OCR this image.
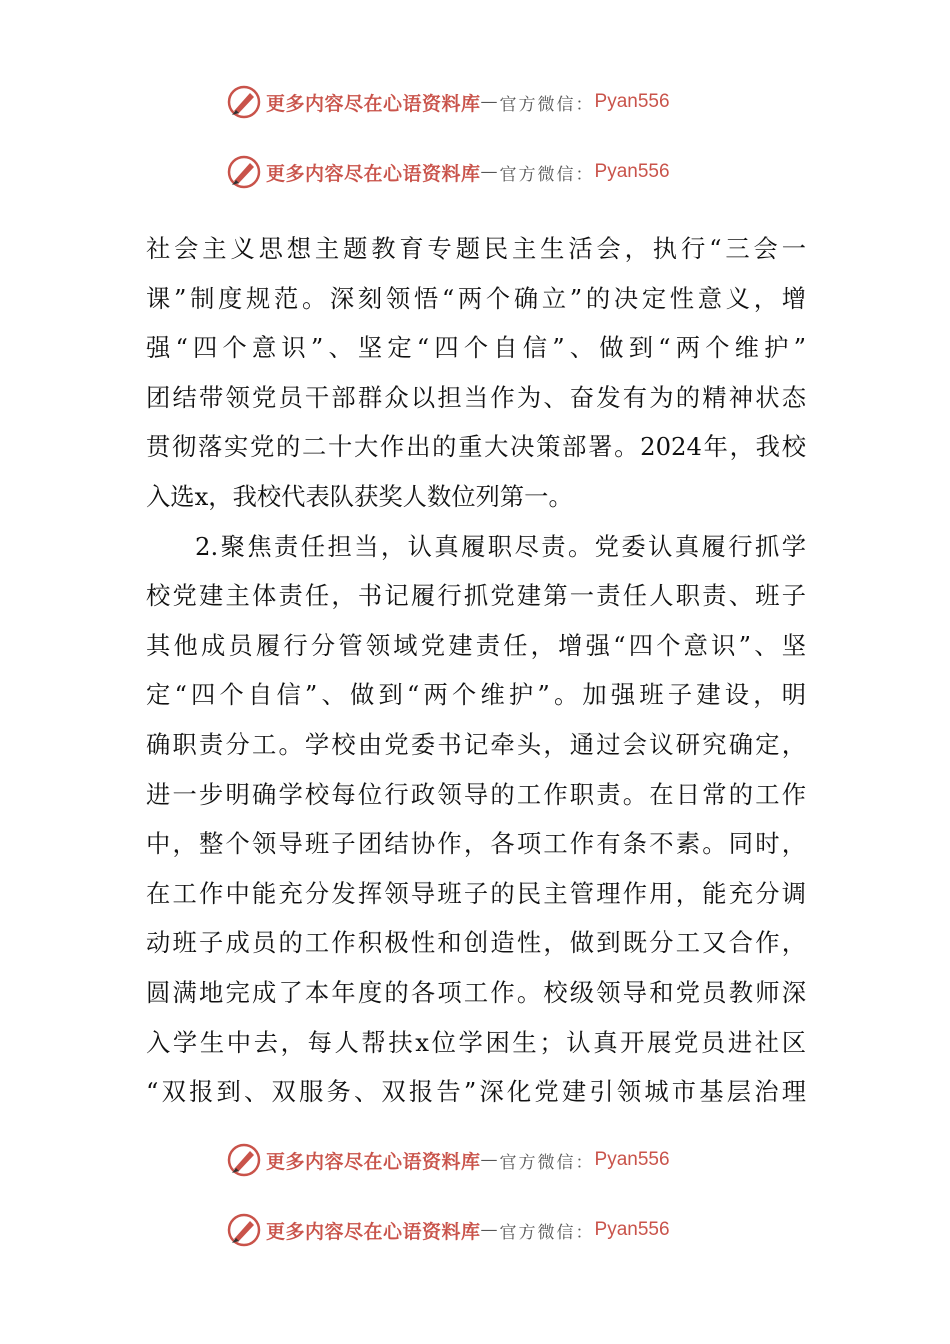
更多内容尽在心语资料库 — 官方微信： Pyan556
更多内容尽在心语资料库 — 官方微信： Pyan556
社会主义思想主题教育专题民主生活会，执行“三会一
课”制度规范。深刻领悟“两个确立”的决定性意义，增
强“四个意识”、坚定“四个自信”、做到“两个维护”
团结带领党员干部群众以担当作为、奋发有为的精神状态
贯彻落实党的二十大作出的重大决策部署。2024年，我校
入选x，我校代表队获奖人数位列第一。
2.聚焦责任担当，认真履职尽责。党委认真履行抓学
校党建主体责任，书记履行抓党建第一责任人职责、班子
其他成员履行分管领域党建责任，增强“四个意识”、坚
定“四个自信”、做到“两个维护”。加强班子建设，明
确职责分工。学校由党委书记牵头，通过会议研究确定，
进一步明确学校每位行政领导的工作职责。在日常的工作
中，整个领导班子团结协作，各项工作有条不素。同时，
在工作中能充分发挥领导班子的民主管理作用，能充分调
动班子成员的工作积极性和创造性，做到既分工又合作，
圆满地完成了本年度的各项工作。校级领导和党员教师深
入学生中去，每人帮扶x位学困生；认真开展党员进社区
“双报到、双服务、双报告”深化党建引领城市基层治理
更多内容尽在心语资料库 — 官方微信： Pyan556
更多内容尽在心语资料库 — 官方微信： Pyan556
